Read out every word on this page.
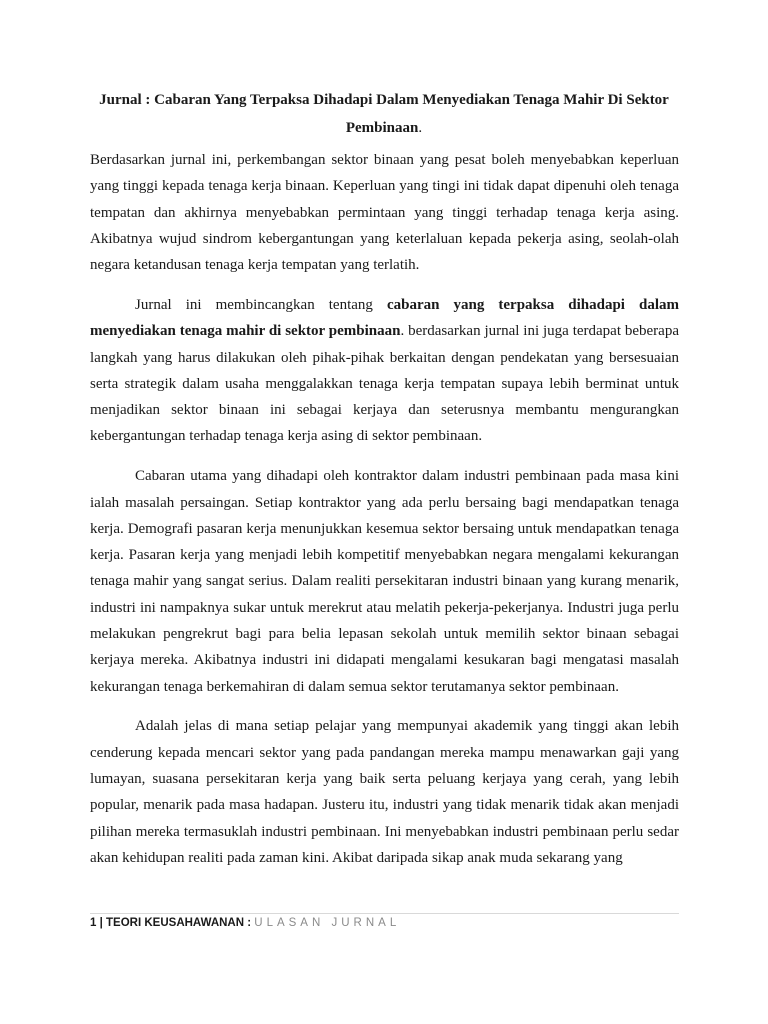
Jurnal : Cabaran Yang Terpaksa Dihadapi Dalam Menyediakan Tenaga Mahir Di Sektor Pembinaan.

Berdasarkan jurnal ini, perkembangan sektor binaan yang pesat boleh menyebabkan keperluan yang tinggi kepada tenaga kerja binaan. Keperluan yang tingi ini tidak dapat dipenuhi oleh tenaga tempatan dan akhirnya menyebabkan permintaan yang tinggi terhadap tenaga kerja asing. Akibatnya wujud sindrom kebergantungan yang keterlaluan kepada pekerja asing, seolah-olah negara ketandusan tenaga kerja tempatan yang terlatih.

Jurnal ini membincangkan tentang cabaran yang terpaksa dihadapi dalam menyediakan tenaga mahir di sektor pembinaan. berdasarkan jurnal ini juga terdapat beberapa langkah yang harus dilakukan oleh pihak-pihak berkaitan dengan pendekatan yang bersesuaian serta strategik dalam usaha menggalakkan tenaga kerja tempatan supaya lebih berminat untuk menjadikan sektor binaan ini sebagai kerjaya dan seterusnya membantu mengurangkan kebergantungan terhadap tenaga kerja asing di sektor pembinaan.

Cabaran utama yang dihadapi oleh kontraktor dalam industri pembinaan pada masa kini ialah masalah persaingan. Setiap kontraktor yang ada perlu bersaing bagi mendapatkan tenaga kerja. Demografi pasaran kerja menunjukkan kesemua sektor bersaing untuk mendapatkan tenaga kerja. Pasaran kerja yang menjadi lebih kompetitif menyebabkan negara mengalami kekurangan tenaga mahir yang sangat serius. Dalam realiti persekitaran industri binaan yang kurang menarik, industri ini nampaknya sukar untuk merekrut atau melatih pekerja-pekerjanya. Industri juga perlu melakukan pengrekrut bagi para belia lepasan sekolah untuk memilih sektor binaan sebagai kerjaya mereka. Akibatnya industri ini didapati mengalami kesukaran bagi mengatasi masalah kekurangan tenaga berkemahiran di dalam semua sektor terutamanya sektor pembinaan.

Adalah jelas di mana setiap pelajar yang mempunyai akademik yang tinggi akan lebih cenderung kepada mencari sektor yang pada pandangan mereka mampu menawarkan gaji yang lumayan, suasana persekitaran kerja yang baik serta peluang kerjaya yang cerah, yang lebih popular, menarik pada masa hadapan. Justeru itu, industri yang tidak menarik tidak akan menjadi pilihan mereka termasuklah industri pembinaan. Ini menyebabkan industri pembinaan perlu sedar akan kehidupan realiti pada zaman kini. Akibat daripada sikap anak muda sekarang yang

1 | TEORI KEUSAHAWANAN : ULASAN JURNAL
